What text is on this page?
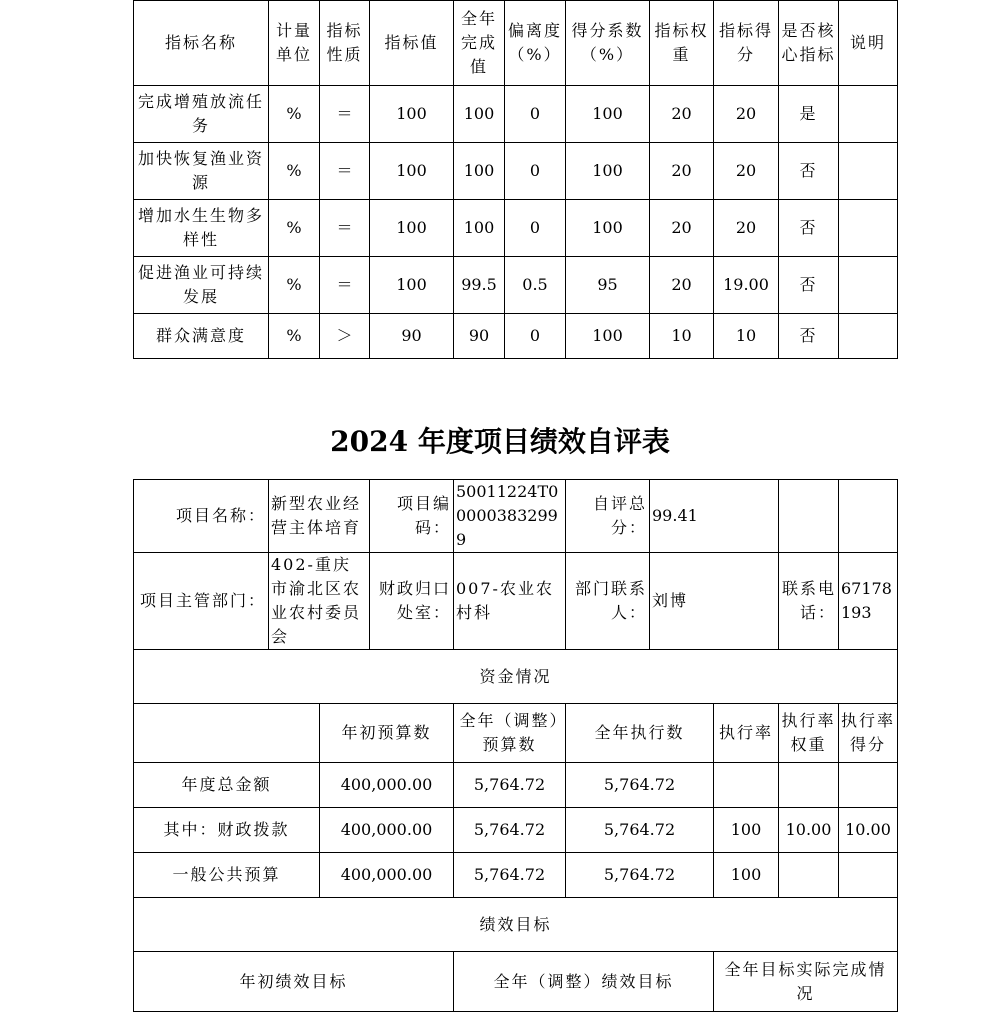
指标名称	计量单位	指标性质	指标值	全年完成值	偏离度（%）	得分系数（%）	指标权重	指标得分	是否核心指标	说明
完成增殖放流任务	%	＝	100	100	0	100	20	20	是	
加快恢复渔业资源	%	＝	100	100	0	100	20	20	否	
增加水生生物多样性	%	＝	100	100	0	100	20	20	否	
促进渔业可持续发展	%	＝	100	99.5	0.5	95	20	19.00	否	
群众满意度	%	＞	90	90	0	100	10	10	否	
2024 年度项目绩效自评表
项目名称：	新型农业经营主体培育		项目编码：	50011224T000003832999	自评总分：	99.41			
项目主管部门：	402-重庆市渝北区农业农村委员会		财政归口处室：	007-农业农村科	部门联系人：	刘博		联系电话：	67178193
资金情况									
		年初预算数		全年（调整）预算数	全年执行数		执行率	执行率权重	执行率得分
年度总金额		400,000.00		5,764.72	5,764.72				
其中：财政拨款		400,000.00		5,764.72	5,764.72		100	10.00	10.00
一般公共预算		400,000.00		5,764.72	5,764.72		100		
绩效目标									
年初绩效目标				全年（调整）绩效目标			全年目标实际完成情况		
